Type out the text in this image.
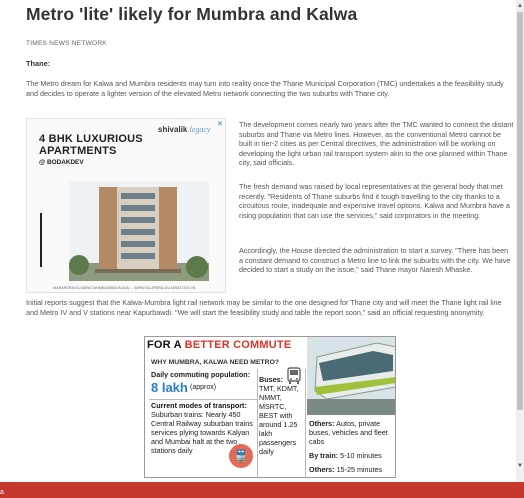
Metro 'lite' likely for Mumbra and Kalwa
TIMES NEWS NETWORK
Thane:

The Metro dream for Kalwa and Mumbra residents may turn into reality once the Thane Municipal Corporation (TMC) undertakes a the feasibility study and decides to operate a lighter version of the elevated Metro network connecting the two suburbs with Thane city.

✕
shivalik legacy
4 BHK LUXURIOUS
APARTMENTS
@ BODAKDEV
MAHARERA/GUJARAT/AHMEDABAD/AUDA/... WWW.GUJRERA.GUJARAT.GOV.IN

The development comes nearly two years after the TMC wanted to connect the distant suburbs and Thane via Metro lines. However, as the conventional Metro cannot be built in tier-2 cities as per Central directives, the administration will be working on developing the light urban rail transport system akin to the one planned within Thane city, said officials.

The fresh demand was raised by local representatives at the general body that met recently. "Residents of Thane suburbs find it tough travelling to the city thanks to a circuitous route, inadequate and expensive travel options. Kalwa and Mumbra have a rising population that can use the services," said corporators in the meeting.

Accordingly, the House directed the administration to start a survey. "There has been a constant demand to construct a Metro line to link the suburbs with the city. We have decided to start a study on the issue," said Thane mayor Naresh Mhaske.

Initial reports suggest that the Kalwa-Mumbra light rail network may be similar to the one designed for Thane city and will meet the Thane light rail line and Metro IV and V stations near Kapurbawdi. "We will start the feasibility study and table the report soon," said an official requesting anonymity.

FOR A BETTER COMMUTE
WHY MUMBRA, KALWA NEED METRO?
Daily commuting population:
8 lakh (approx)
Current modes of transport:
Suburban trains: Nearly 450 Central Railway suburban trains services plying towards Kalyan and Mumbai halt at the two stations daily	🚆
Buses:
TMT, KDMT, NMMT, MSRTC, BEST with around 1.25 lakh passengers daily
Others: Autos, private buses, vehicles and fleet cabs
By train: 5-10 minutes
Others: 15-25 minutes
▲
▼
a
